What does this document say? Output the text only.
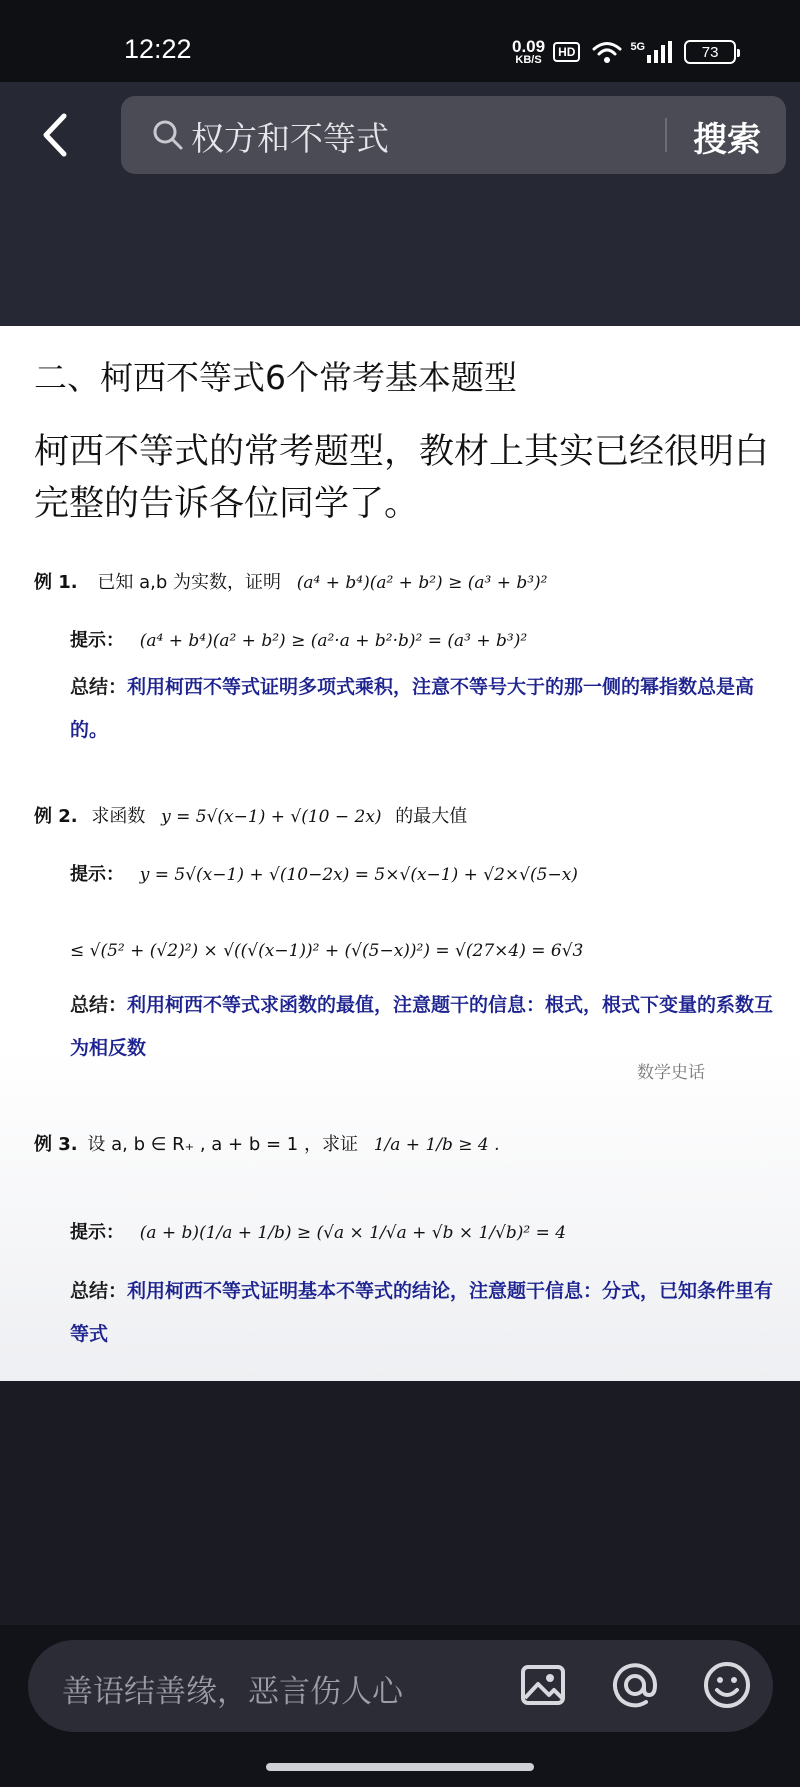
12:22	0.09
KB/S
HD	5G	73
权方和不等式	搜索
二、柯西不等式6个常考基本题型
柯西不等式的常考题型，教材上其实已经很明白完整的告诉各位同学了。
例 1. 已知 a,b 为实数，证明 (a⁴ + b⁴)(a² + b²) ≥ (a³ + b³)²
提示： (a⁴ + b⁴)(a² + b²) ≥ (a²·a + b²·b)² = (a³ + b³)²
总结：利用柯西不等式证明多项式乘积，注意不等号大于的那一侧的幂指数总是高的。
例 2. 求函数 y = 5√(x−1) + √(10 − 2x) 的最大值
提示： y = 5√(x−1) + √(10−2x) = 5×√(x−1) + √2×√(5−x)
≤ √(5² + (√2)²) × √((√(x−1))² + (√(5−x))²) = √(27×4) = 6√3
总结：利用柯西不等式求函数的最值，注意题干的信息：根式，根式下变量的系数互为相反数
数学史话
例 3. 设 a, b ∈ R₊ , a + b = 1 ，求证 1/a + 1/b ≥ 4 .
提示： (a + b)(1/a + 1/b) ≥ (√a × 1/√a + √b × 1/√b)² = 4
总结：利用柯西不等式证明基本不等式的结论，注意题干信息：分式，已知条件里有等式
善语结善缘，恶言伤人心
